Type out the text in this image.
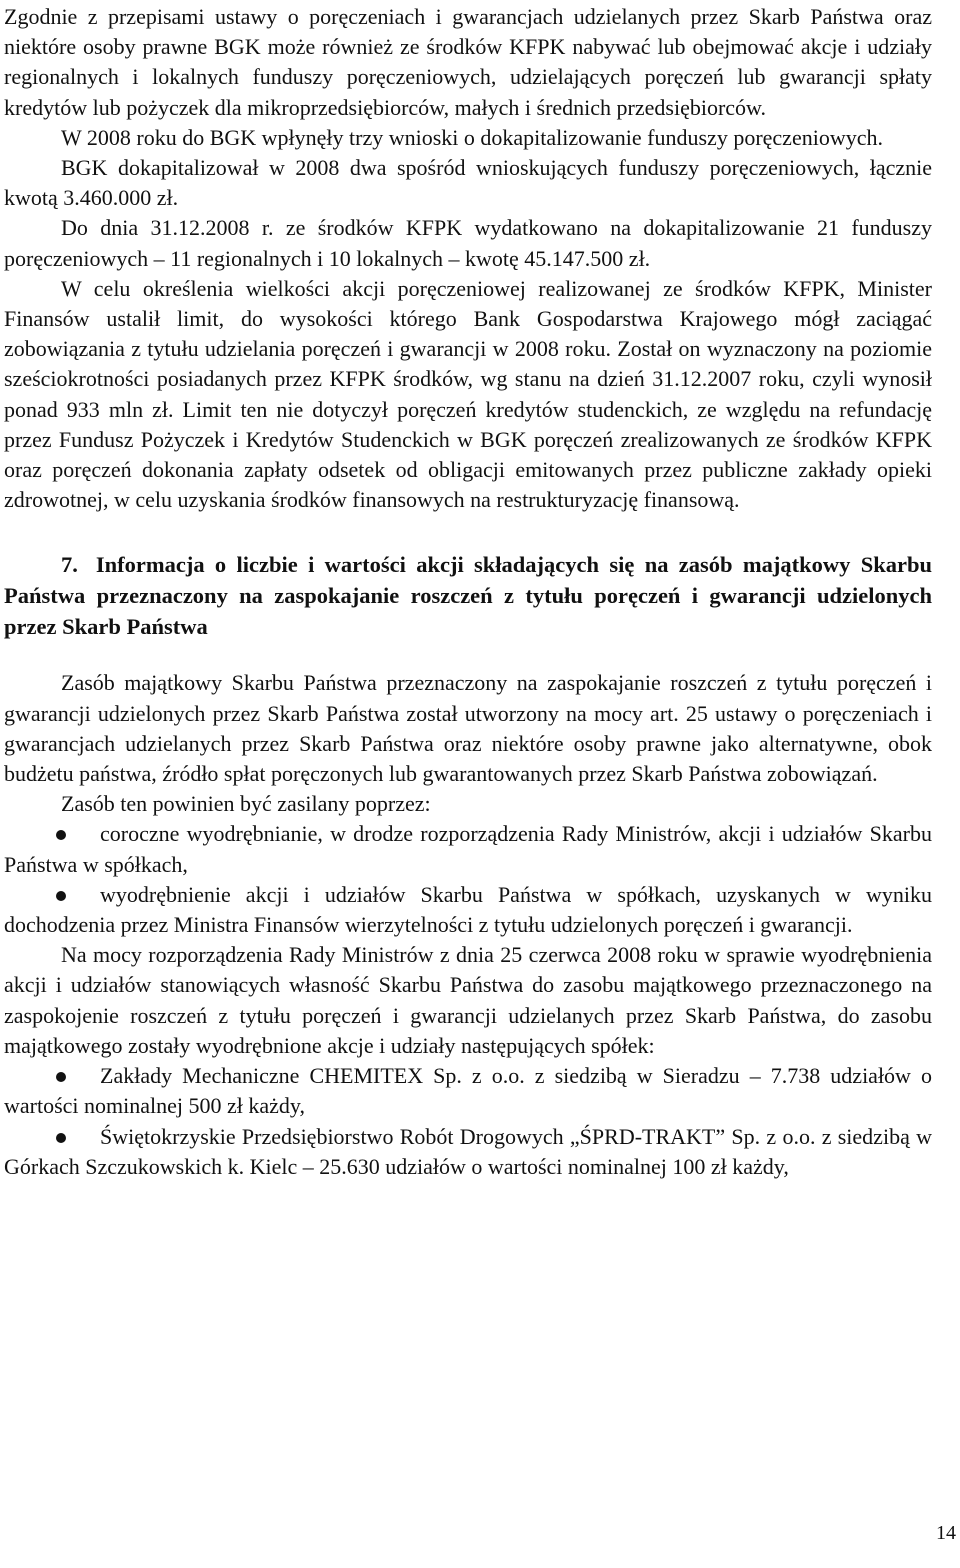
Zgodnie z przepisami ustawy o poręczeniach i gwarancjach udzielanych przez Skarb Państwa oraz niektóre osoby prawne BGK może również ze środków KFPK nabywać lub obejmować akcje i udziały regionalnych i lokalnych funduszy poręczeniowych, udzielających poręczeń lub gwarancji spłaty kredytów lub pożyczek dla mikroprzedsiębiorców, małych i średnich przedsiębiorców.

W 2008 roku do BGK wpłynęły trzy wnioski o dokapitalizowanie funduszy poręczeniowych.

BGK dokapitalizował w 2008 dwa spośród wnioskujących funduszy poręczeniowych, łącznie kwotą 3.460.000 zł.

Do dnia 31.12.2008 r. ze środków KFPK wydatkowano na dokapitalizowanie 21 funduszy poręczeniowych – 11 regionalnych i 10 lokalnych – kwotę 45.147.500 zł.

W celu określenia wielkości akcji poręczeniowej realizowanej ze środków KFPK, Minister Finansów ustalił limit, do wysokości którego Bank Gospodarstwa Krajowego mógł zaciągać zobowiązania z tytułu udzielania poręczeń i gwarancji w 2008 roku. Został on wyznaczony na poziomie sześciokrotności posiadanych przez KFPK środków, wg stanu na dzień 31.12.2007 roku, czyli wynosił ponad 933 mln zł. Limit ten nie dotyczył poręczeń kredytów studenckich, ze względu na refundację przez Fundusz Pożyczek i Kredytów Studenckich w BGK poręczeń zrealizowanych ze środków KFPK oraz poręczeń dokonania zapłaty odsetek od obligacji emitowanych przez publiczne zakłady opieki zdrowotnej, w celu uzyskania środków finansowych na restrukturyzację finansową.

7. Informacja o liczbie i wartości akcji składających się na zasób majątkowy Skarbu Państwa przeznaczony na zaspokajanie roszczeń z tytułu poręczeń i gwarancji udzielonych przez Skarb Państwa

Zasób majątkowy Skarbu Państwa przeznaczony na zaspokajanie roszczeń z tytułu poręczeń i gwarancji udzielonych przez Skarb Państwa został utworzony na mocy art. 25 ustawy o poręczeniach i gwarancjach udzielanych przez Skarb Państwa oraz niektóre osoby prawne jako alternatywne, obok budżetu państwa, źródło spłat poręczonych lub gwarantowanych przez Skarb Państwa zobowiązań.

Zasób ten powinien być zasilany poprzez:

coroczne wyodrębnianie, w drodze rozporządzenia Rady Ministrów, akcji i udziałów Skarbu Państwa w spółkach,

wyodrębnienie akcji i udziałów Skarbu Państwa w spółkach, uzyskanych w wyniku dochodzenia przez Ministra Finansów wierzytelności z tytułu udzielonych poręczeń i gwarancji.

Na mocy rozporządzenia Rady Ministrów z dnia 25 czerwca 2008 roku w sprawie wyodrębnienia akcji i udziałów stanowiących własność Skarbu Państwa do zasobu majątkowego przeznaczonego na zaspokojenie roszczeń z tytułu poręczeń i gwarancji udzielanych przez Skarb Państwa, do zasobu majątkowego zostały wyodrębnione akcje i udziały następujących spółek:

Zakłady Mechaniczne CHEMITEX Sp. z o.o. z siedzibą w Sieradzu – 7.738 udziałów o wartości nominalnej 500 zł każdy,

Świętokrzyskie Przedsiębiorstwo Robót Drogowych „ŚPRD-TRAKT” Sp. z o.o. z siedzibą w Górkach Szczukowskich k. Kielc – 25.630 udziałów o wartości nominalnej 100 zł każdy,

14
